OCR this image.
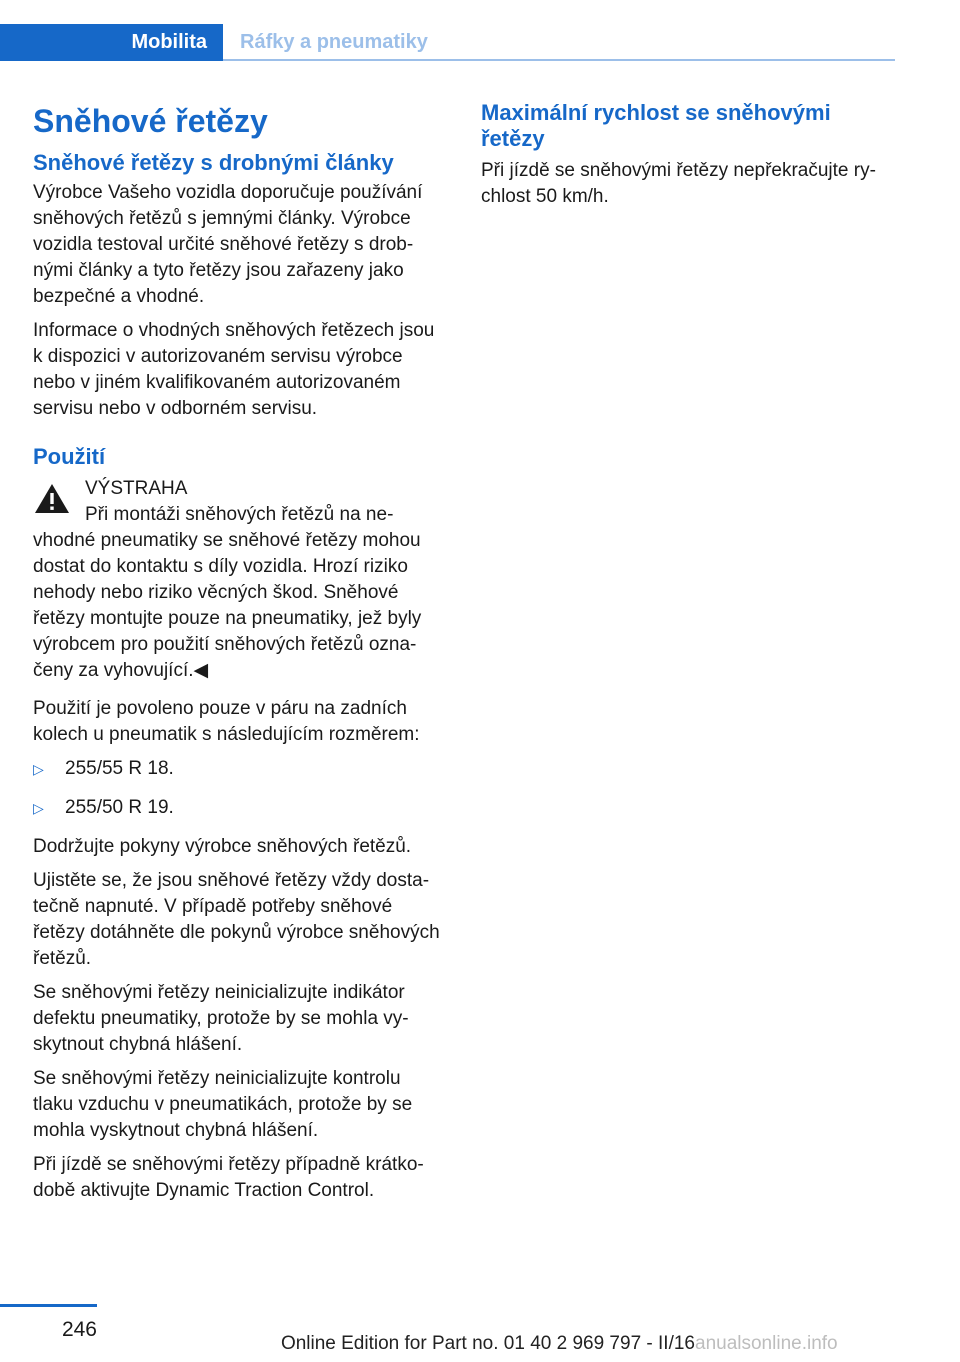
Mobilita Ráfky a pneumatiky
Sněhové řetězy
Sněhové řetězy s drobnými články

Výrobce Vašeho vozidla doporučuje používání sněhových řetězů s jemnými články. Výrobce vozidla testoval určité sněhové řetězy s drobnými články a tyto řetězy jsou zařazeny jako bezpečné a vhodné.

Informace o vhodných sněhových řetězech jsou k dispozici v autorizovaném servisu výrobce nebo v jiném kvalifikovaném autorizovaném servisu nebo v odborném servisu.

Použití
VÝSTRAHA

Při montáži sněhových řetězů na nevhodné pneumatiky se sněhové řetězy mohou dostat do kontaktu s díly vozidla. Hrozí riziko nehody nebo riziko věcných škod. Sněhové řetězy montujte pouze na pneumatiky, jež byly výrobcem pro použití sněhových řetězů označeny za vyhovující.◀

Použití je povoleno pouze v páru na zadních kolech u pneumatik s následujícím rozměrem:

▷ 255/55 R 18.
▷ 255/50 R 19.

Dodržujte pokyny výrobce sněhových řetězů.

Ujistěte se, že jsou sněhové řetězy vždy dostatečně napnuté. V případě potřeby sněhové řetězy dotáhněte dle pokynů výrobce sněhových řetězů.

Se sněhovými řetězy neinicializujte indikátor defektu pneumatiky, protože by se mohla vyskytnout chybná hlášení.

Se sněhovými řetězy neinicializujte kontrolu tlaku vzduchu v pneumatikách, protože by se mohla vyskytnout chybná hlášení.

Při jízdě se sněhovými řetězy případně krátkodobě aktivujte Dynamic Traction Control.

Maximální rychlost se sněhovými řetězy

Při jízdě se sněhovými řetězy nepřekračujte rychlost 50 km/h.

246
Online Edition for Part no. 01 40 2 969 797 - II/16 anualsonline.info
